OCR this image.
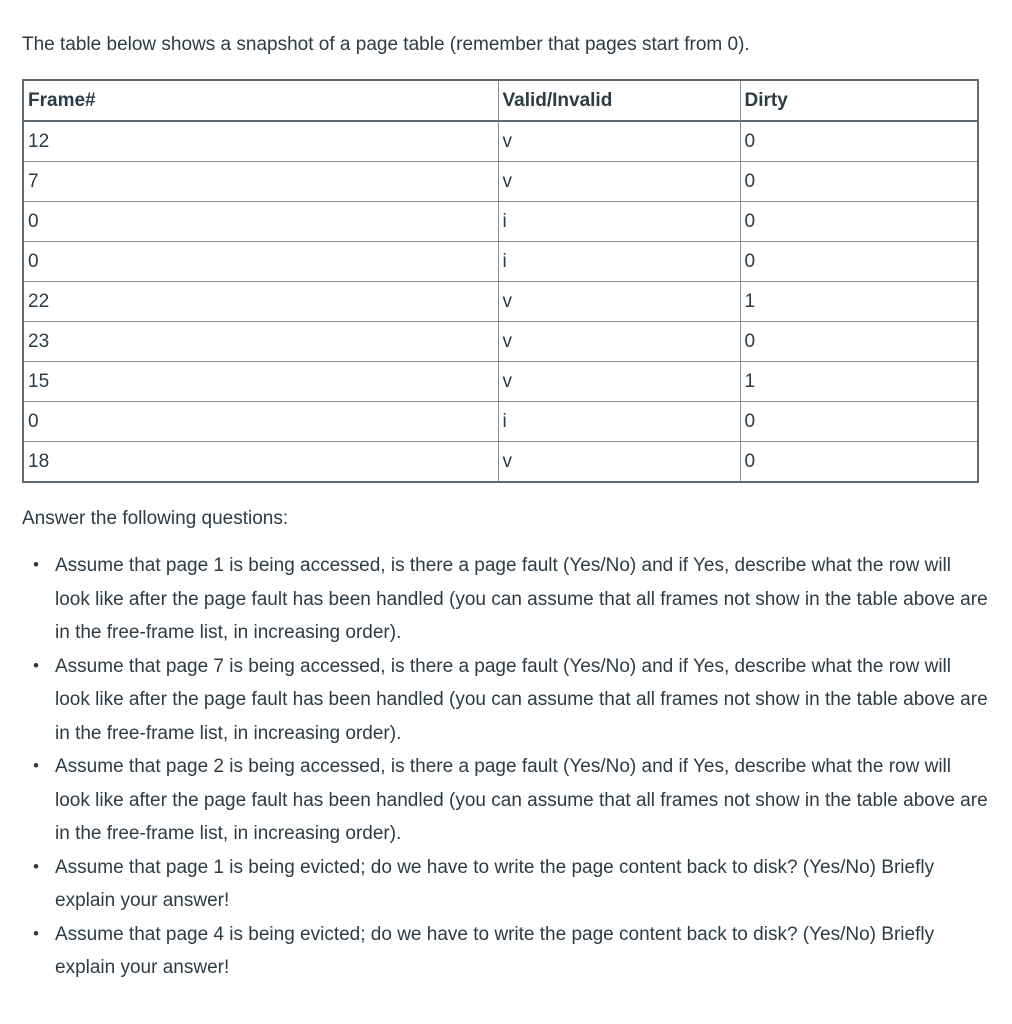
The table below shows a snapshot of a page table (remember that pages start from 0).

Frame#	Valid/Invalid	Dirty
12	v	0
7	v	0
0	i	0
0	i	0
22	v	1
23	v	0
15	v	1
0	i	0
18	v	0

Answer the following questions:

• Assume that page 1 is being accessed, is there a page fault (Yes/No) and if Yes, describe what the row will look like after the page fault has been handled (you can assume that all frames not show in the table above are in the free-frame list, in increasing order).
• Assume that page 7 is being accessed, is there a page fault (Yes/No) and if Yes, describe what the row will look like after the page fault has been handled (you can assume that all frames not show in the table above are in the free-frame list, in increasing order).
• Assume that page 2 is being accessed, is there a page fault (Yes/No) and if Yes, describe what the row will look like after the page fault has been handled (you can assume that all frames not show in the table above are in the free-frame list, in increasing order).
• Assume that page 1 is being evicted; do we have to write the page content back to disk? (Yes/No) Briefly explain your answer!
• Assume that page 4 is being evicted; do we have to write the page content back to disk? (Yes/No) Briefly explain your answer!
